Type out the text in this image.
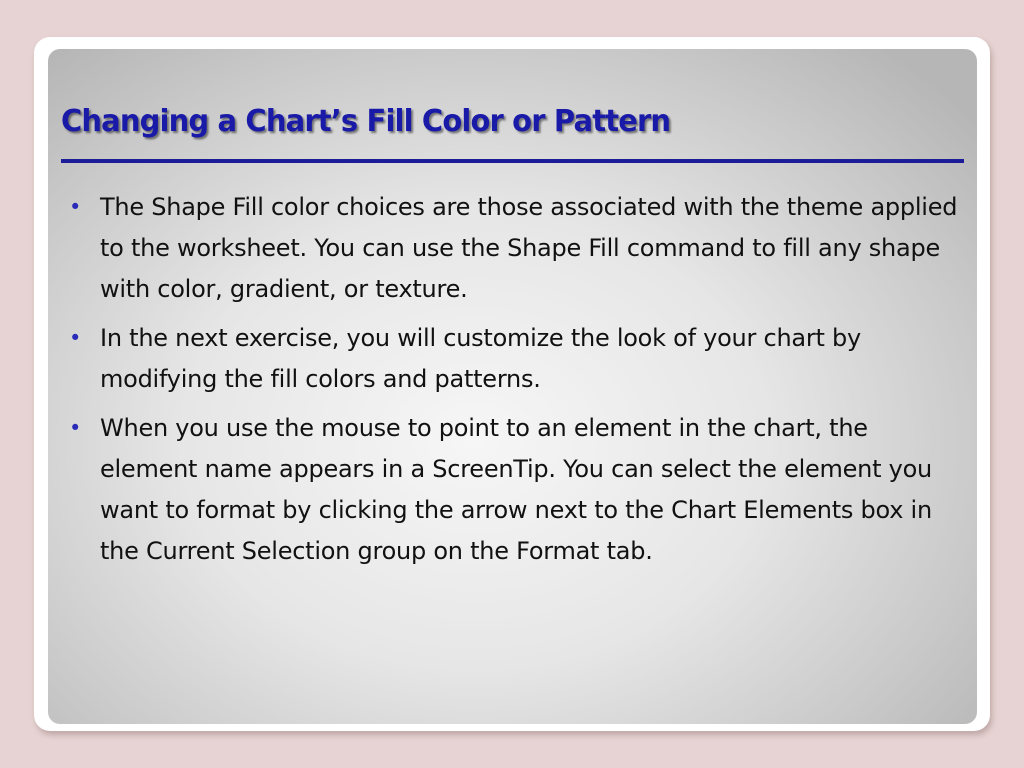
Changing a Chart’s Fill Color or Pattern
• The Shape Fill color choices are those associated with the theme applied to the worksheet. You can use the Shape Fill command to fill any shape with color, gradient, or texture.
• In the next exercise, you will customize the look of your chart by modifying the fill colors and patterns.
• When you use the mouse to point to an element in the chart, the element name appears in a ScreenTip. You can select the element you want to format by clicking the arrow next to the Chart Elements box in the Current Selection group on the Format tab.
